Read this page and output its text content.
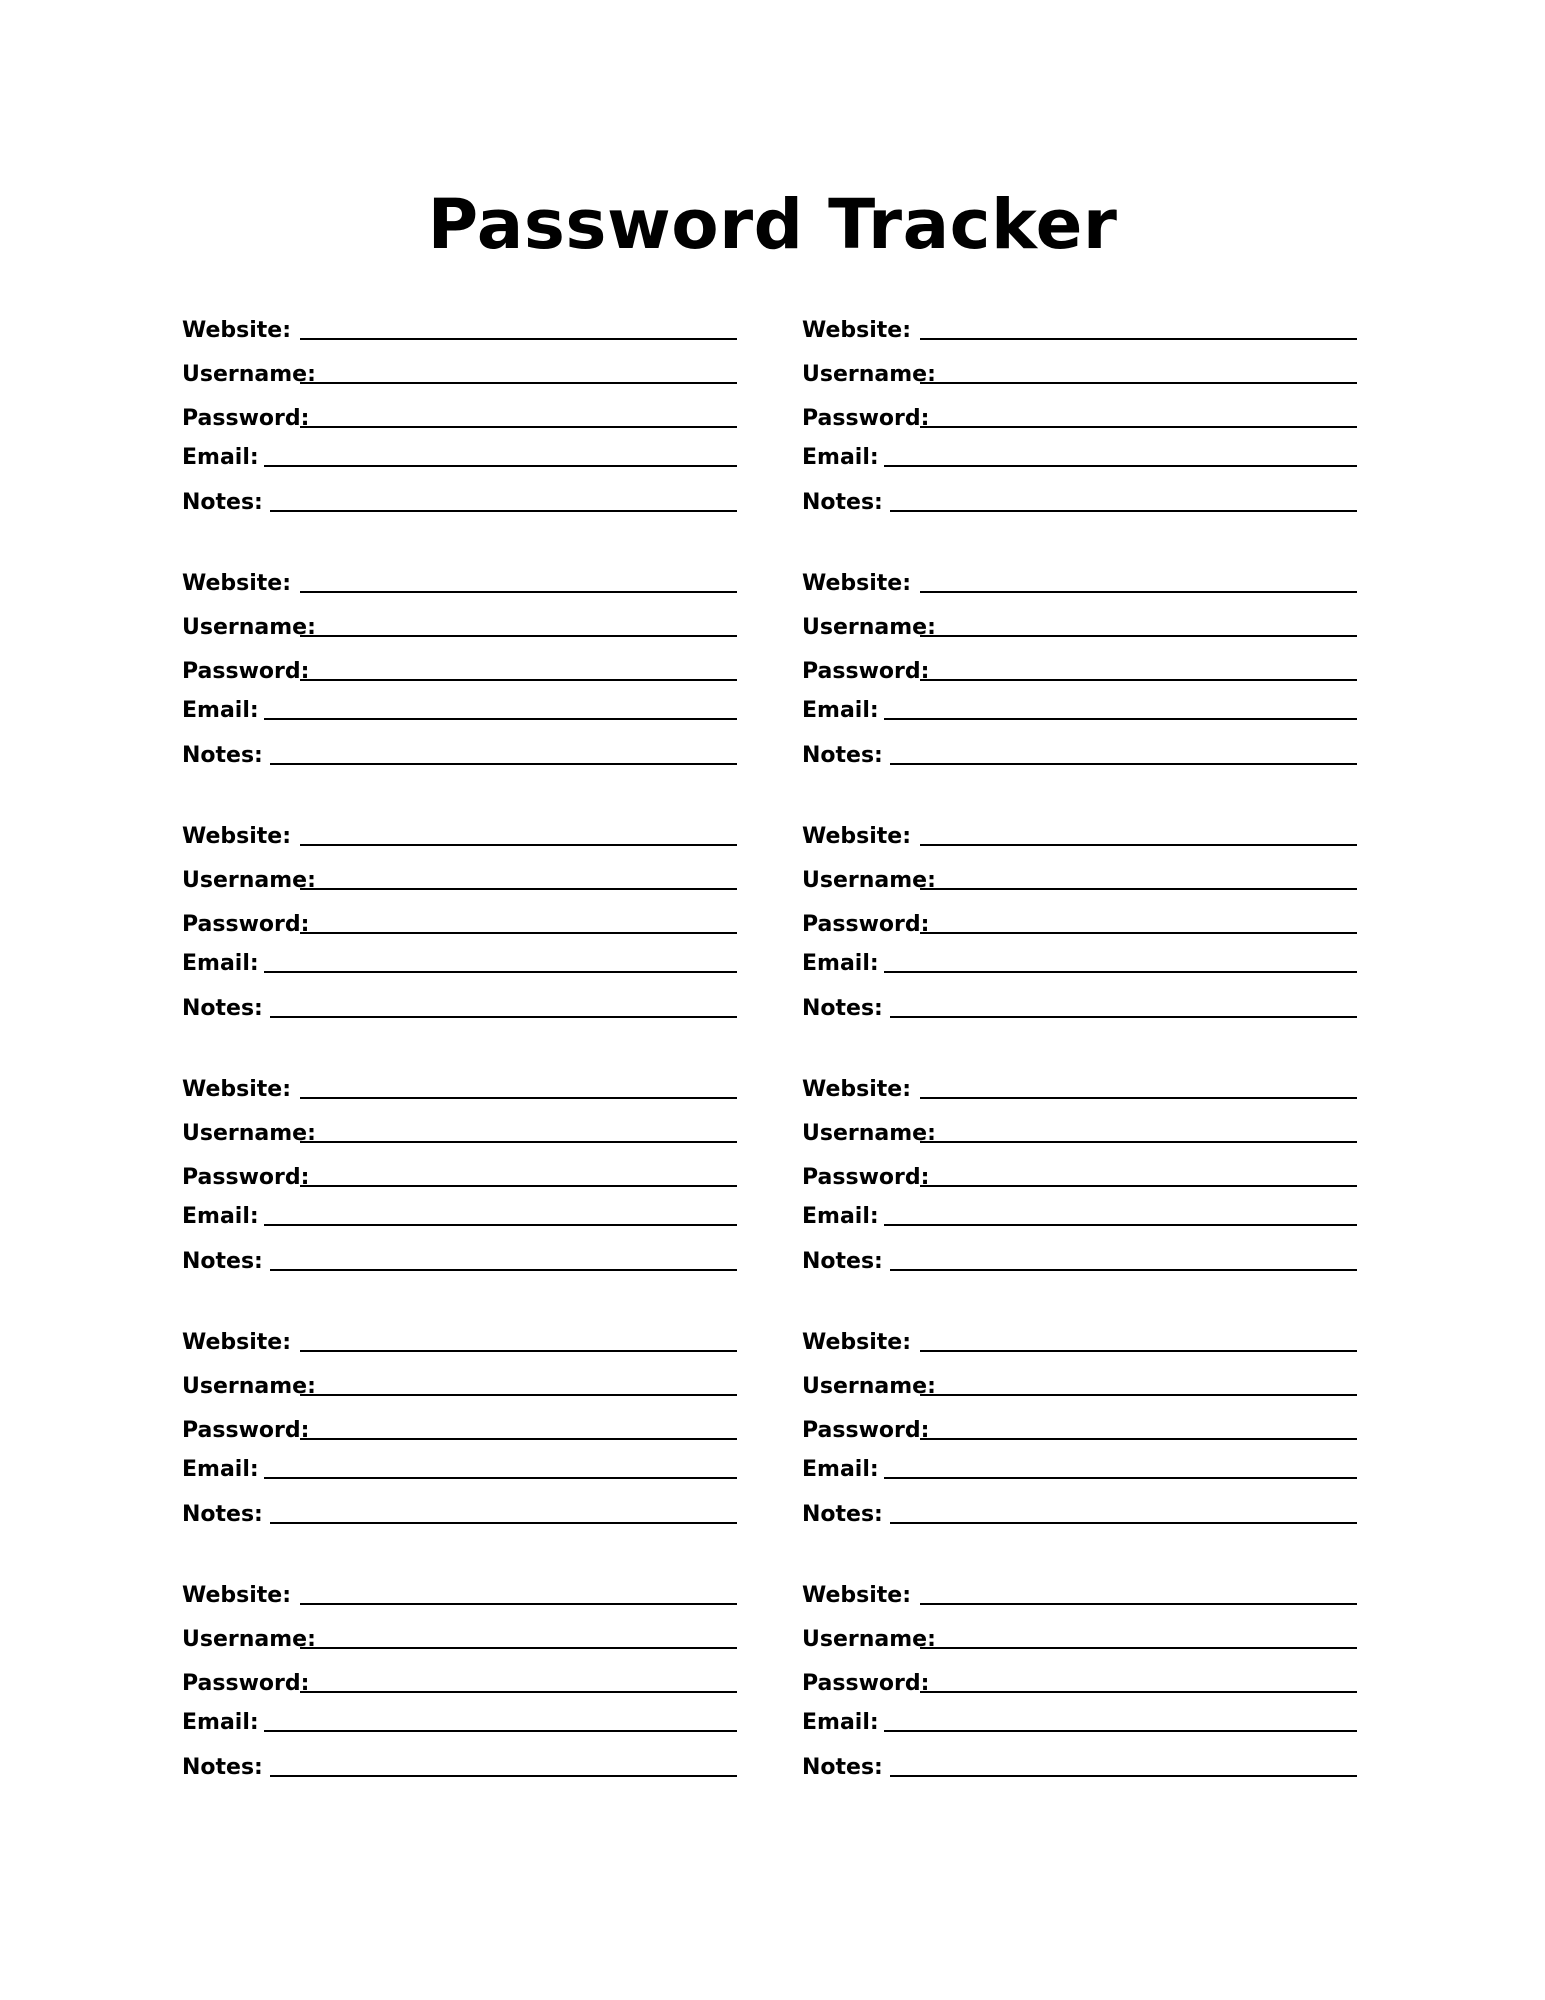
Password Tracker
Website:
Username:
Password:
Email:
Notes:
Website:
Username:
Password:
Email:
Notes:
Website:
Username:
Password:
Email:
Notes:
Website:
Username:
Password:
Email:
Notes:
Website:
Username:
Password:
Email:
Notes:
Website:
Username:
Password:
Email:
Notes:
Website:
Username:
Password:
Email:
Notes:
Website:
Username:
Password:
Email:
Notes:
Website:
Username:
Password:
Email:
Notes:
Website:
Username:
Password:
Email:
Notes:
Website:
Username:
Password:
Email:
Notes:
Website:
Username:
Password:
Email:
Notes:
